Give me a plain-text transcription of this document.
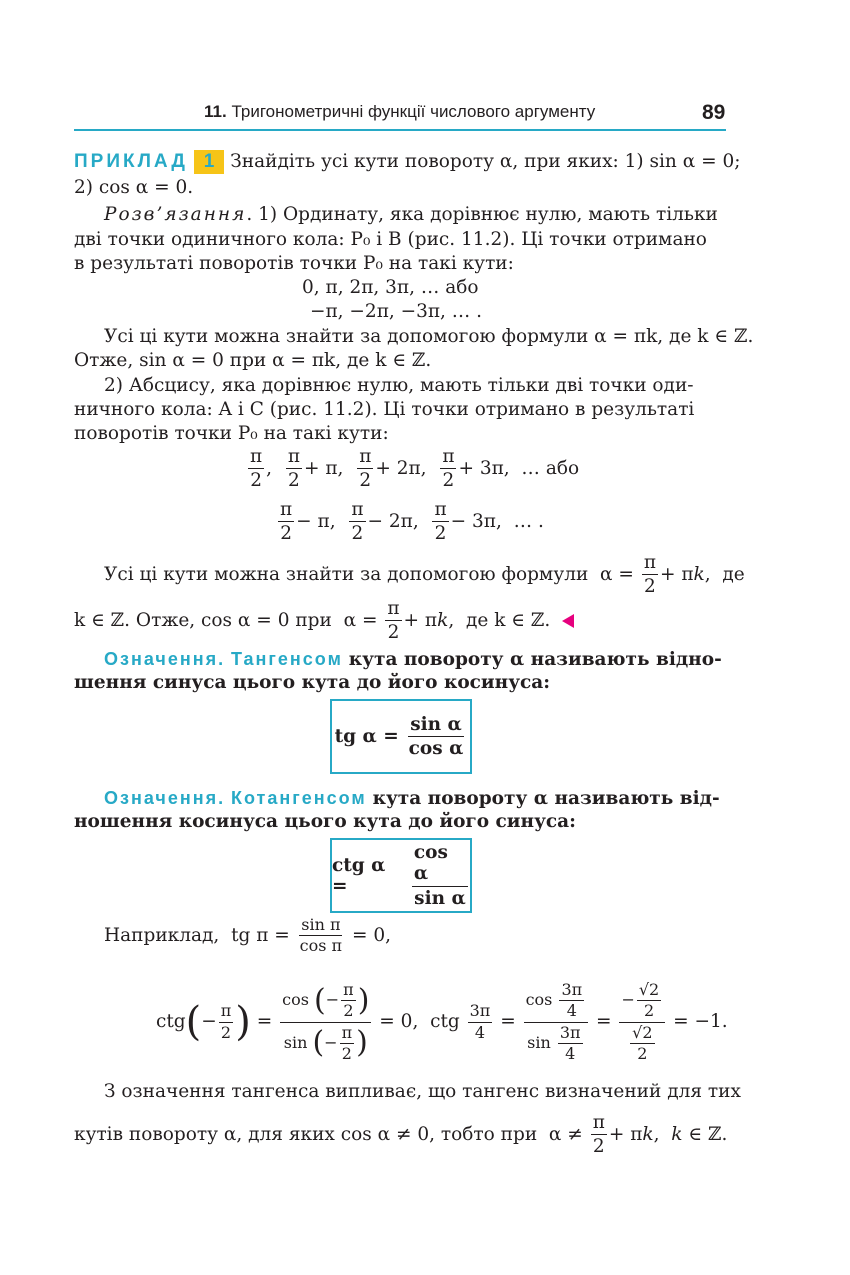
11. Тригонометричні функції числового аргументу	89
ПРИКЛАД 1 Знайдіть усі кути повороту α, при яких: 1) sin α = 0;
2) cos α = 0.
Розв’язання. 1) Ординату, яка дорівнює нулю, мають тільки
дві точки одиничного кола: P₀ і B (рис. 11.2). Ці точки отримано
в результаті поворотів точки P₀ на такі кути:
0, π, 2π, 3π, … або
−π, −2π, −3π, … .
Усі ці кути можна знайти за допомогою формули α = πk, де k ∈ ℤ.
Отже, sin α = 0 при α = πk, де k ∈ ℤ.
2) Абсцису, яка дорівнює нулю, мають тільки дві точки оди-
ничного кола: A і C (рис. 11.2). Ці точки отримано в результаті
поворотів точки P₀ на такі кути:
$\frac{\pi}{2}$ , $\frac{\pi}{2} + \pi$, $\frac{\pi}{2} + 2\pi$, $\frac{\pi}{2} + 3\pi$,  … або
$\frac{\pi}{2} - \pi$, $\frac{\pi}{2} - 2\pi$, $\frac{\pi}{2} - 3\pi$,  … .
Усі ці кути можна знайти за допомогою формули  $\alpha = \frac{\pi}{2} + \pi k$,  де
k ∈ ℤ. Отже, cos α = 0 при  $\alpha = \frac{\pi}{2} + \pi k$,  де k ∈ ℤ.
Означення. Тангенсом кута повороту α називають відно-
шення синуса цього кута до його косинуса:
tg α =
$\frac{\text{sin α}}{\text{cos α}}$
Означення. Котангенсом кута повороту α називають від-
ношення косинуса цього кута до його синуса:
ctg α =
	$\frac{\text{cos α}}{\text{sin α}}$
Наприклад, tg $\pi = \frac{\text{sin π}}{\text{cos π}} = 0$,
ctg ( − $\frac{\pi}{2}$ ) = $\frac{\cos ( - \frac{\pi}{2} )}{\sin ( - \frac{\pi}{2} )} = 0$,  ctg $\frac{3\pi}{4} = \frac{\cos \frac{3\pi}{4}}{\sin \frac{3\pi}{4}} = \frac{- \frac{√2}{2}}{\frac{√2}{2}}$
= −1.
З означення тангенса випливає, що тангенс визначений для тих
кутів повороту α, для яких cos α ≠ 0, тобто при  $\alpha \ne \frac{\pi}{2} + \pi k$,  k ∈ ℤ.
